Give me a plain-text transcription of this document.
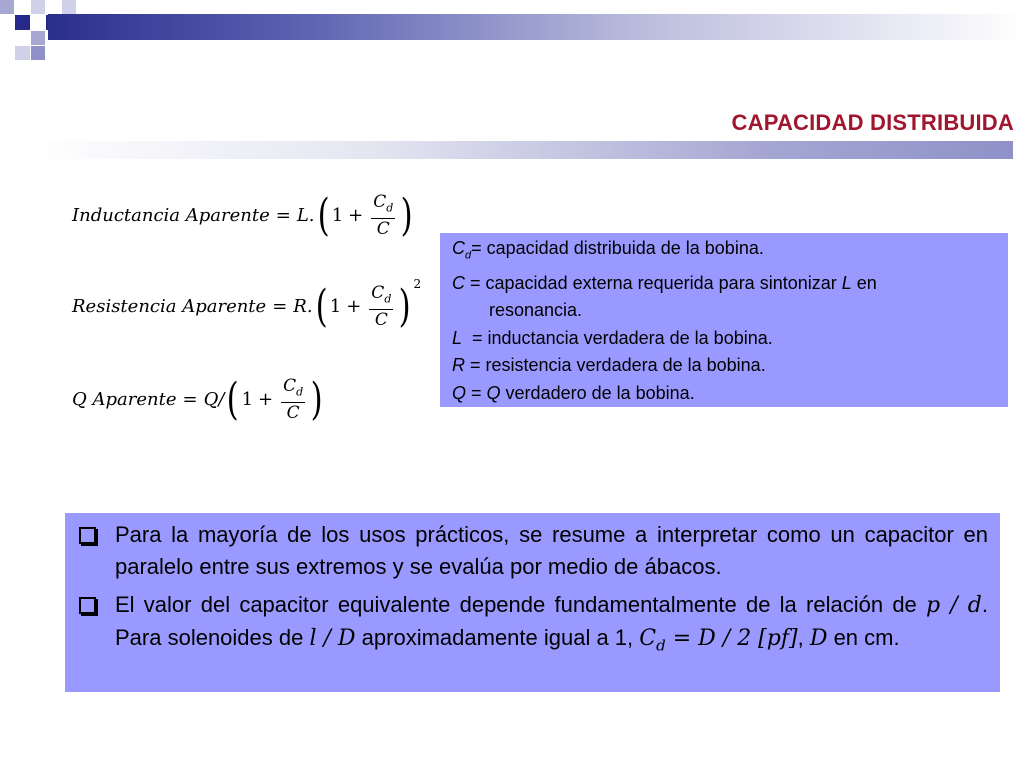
CAPACIDAD DISTRIBUIDA
Inductancia Aparente = L. ( $1 + \frac{C_d}{C}$ )
Resistencia Aparente = R. ( $1 + \frac{C_d}{C}$ ) 2
Q Aparente = Q/ ( $1 + \frac{C_d}{C}$ )
$C_d=$ capacidad distribuida de la bobina.
C = capacidad externa requerida para sintonizar L en
resonancia.
L  = inductancia verdadera de la bobina.
R = resistencia verdadera de la bobina.
Q = Q verdadero de la bobina.
Para la mayoría de los usos prácticos, se resume a interpretar como un capacitor en paralelo entre sus extremos y se evalúa por medio de ábacos.
El valor del capacitor equivalente depende fundamentalmente de la relación de p / d. Para solenoides de l / D aproximadamente igual a 1, $C_d = D / 2$ [pf], D en cm.
